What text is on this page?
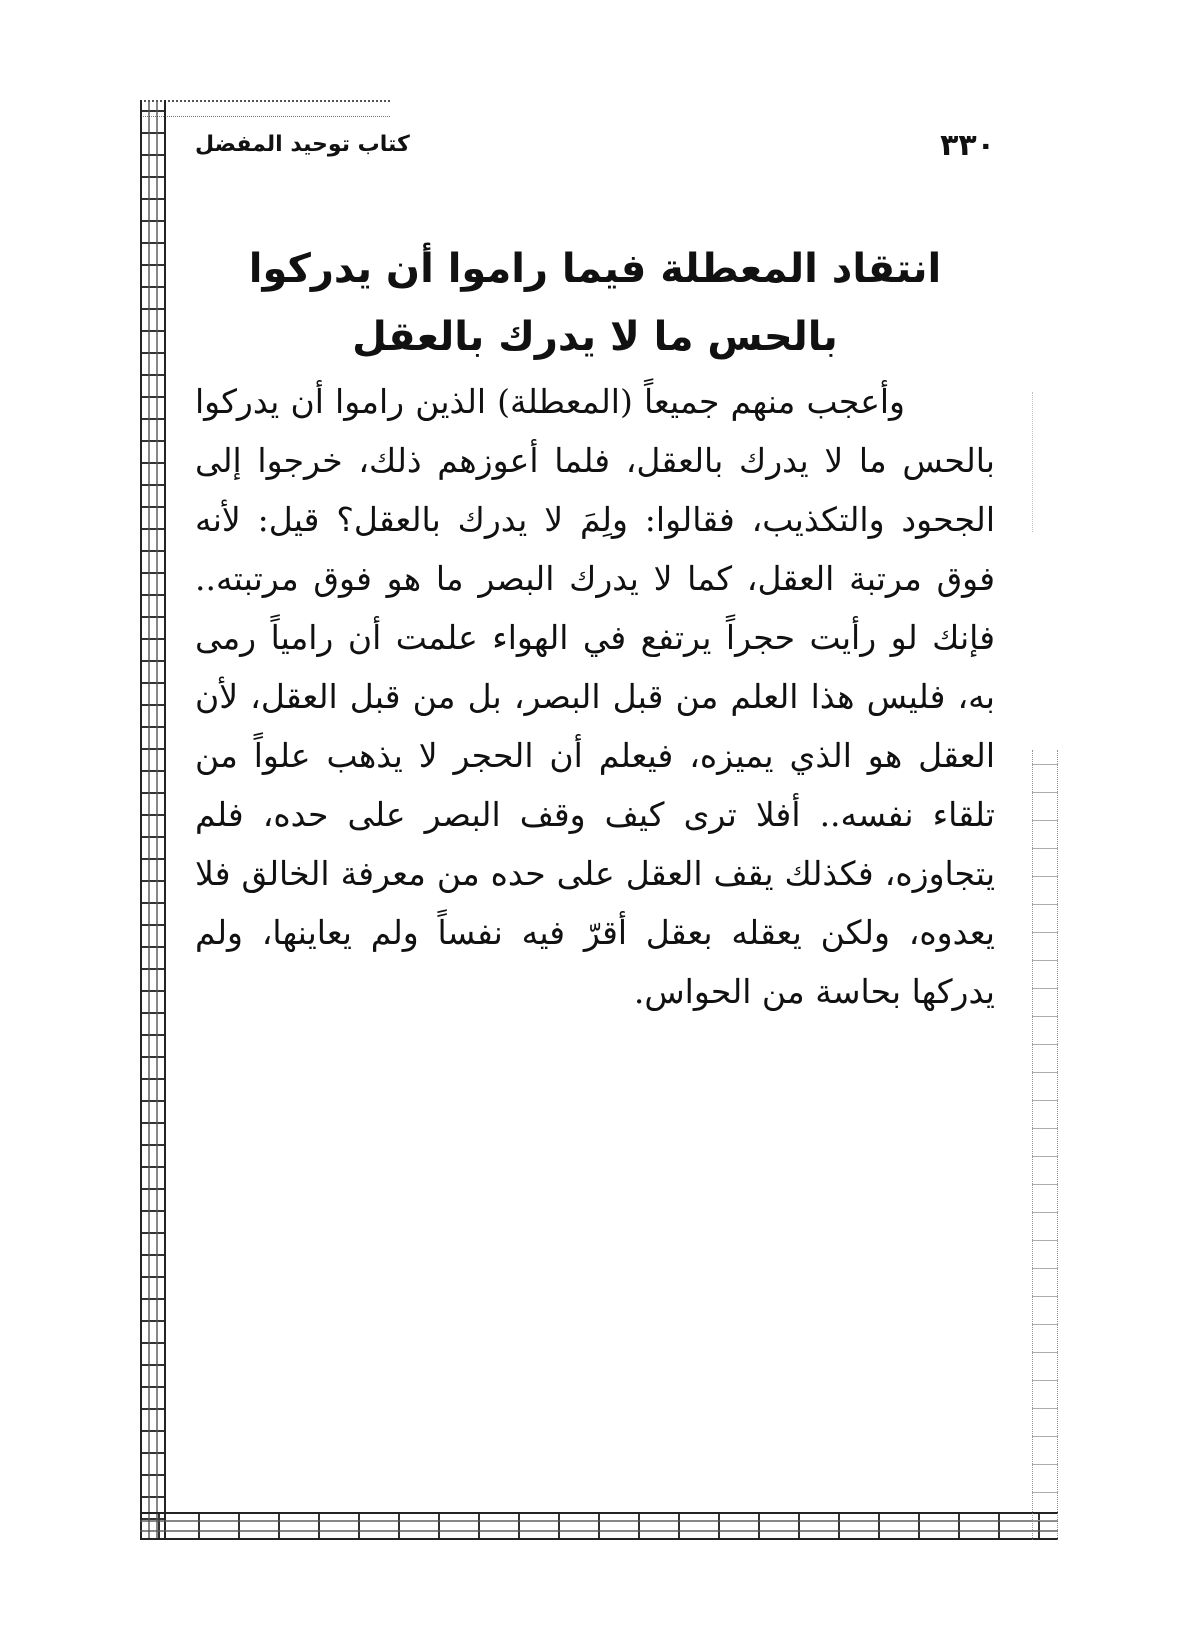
٣٣٠
كتاب توحيد المفضل
انتقاد المعطلة فيما راموا أن يدركوا بالحس ما لا يدرك بالعقل

وأعجب منهم جميعاً (المعطلة) الذين راموا أن يدركوا بالحس ما لا يدرك بالعقل، فلما أعوزهم ذلك، خرجوا إلى الجحود والتكذيب، فقالوا: ولِمَ لا يدرك بالعقل؟ قيل: لأنه فوق مرتبة العقل، كما لا يدرك البصر ما هو فوق مرتبته.. فإنك لو رأيت حجراً يرتفع في الهواء علمت أن رامياً رمى به، فليس هذا العلم من قبل البصر، بل من قبل العقل، لأن العقل هو الذي يميزه، فيعلم أن الحجر لا يذهب علواً من تلقاء نفسه.. أفلا ترى كيف وقف البصر على حده، فلم يتجاوزه، فكذلك يقف العقل على حده من معرفة الخالق فلا يعدوه، ولكن يعقله بعقل أقرّ فيه نفساً ولم يعاينها، ولم يدركها بحاسة من الحواس.
